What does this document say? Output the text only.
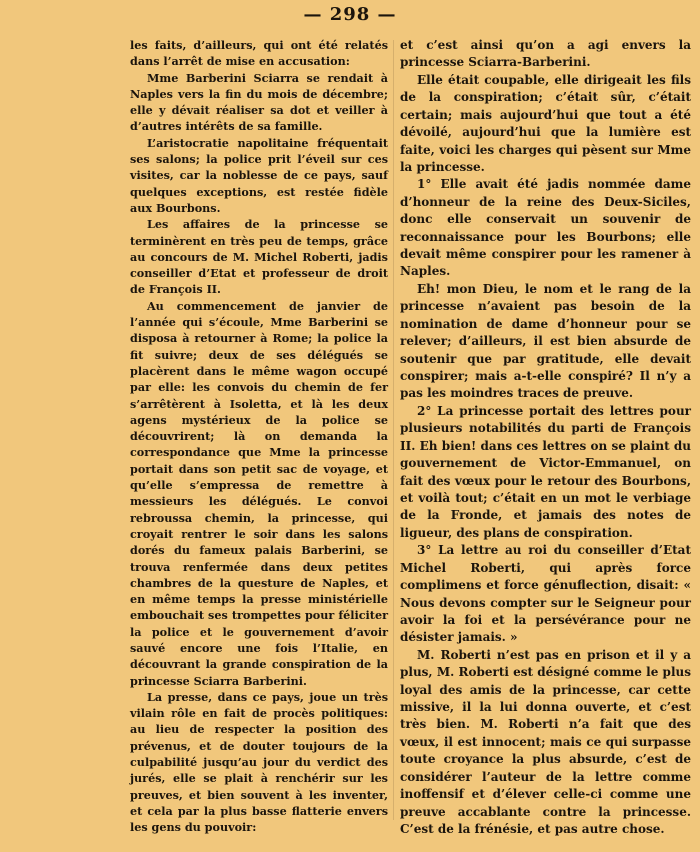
— 298 —

les faits, d’ailleurs, qui ont été relatés dans l’arrêt de mise en accusation:

Mme Barberini Sciarra se rendait à Naples vers la fin du mois de décembre; elle y dévait réaliser sa dot et veiller à d’autres intérêts de sa famille.

L’aristocratie napolitaine fréquentait ses salons; la police prit l’éveil sur ces visites, car la noblesse de ce pays, sauf quelques exceptions, est restée fidèle aux Bourbons.

Les affaires de la princesse se terminèrent en très peu de temps, grâce au concours de M. Michel Roberti, jadis conseiller d’Etat et professeur de droit de François II.

Au commencement de janvier de l’année qui s’écoule, Mme Barberini se disposa à retourner à Rome; la police la fit suivre; deux de ses délégués se placèrent dans le même wagon occupé par elle: les convois du chemin de fer s’arrêtèrent à Isoletta, et là les deux agens mystérieux de la police se découvrirent; là on demanda la correspondance que Mme la princesse portait dans son petit sac de voyage, et qu’elle s’empressa de remettre à messieurs les délégués. Le convoi rebroussa chemin, la princesse, qui croyait rentrer le soir dans les salons dorés du fameux palais Barberini, se trouva renfermée dans deux petites chambres de la questure de Naples, et en même temps la presse ministérielle embouchait ses trompettes pour féliciter la police et le gouvernement d’avoir sauvé encore une fois l’Italie, en découvrant la grande conspiration de la princesse Sciarra Barberini.

La presse, dans ce pays, joue un très vilain rôle en fait de procès politiques: au lieu de respecter la position des prévenus, et de douter toujours de la culpabilité jusqu’au jour du verdict des jurés, elle se plait à renchérir sur les preuves, et bien souvent à les inventer, et cela par la plus basse flatterie envers les gens du pouvoir:

et c’est ainsi qu’on a agi envers la princesse Sciarra-Barberini.

Elle était coupable, elle dirigeait les fils de la conspiration; c’était sûr, c’était certain; mais aujourd’hui que tout a été dévoilé, aujourd’hui que la lumière est faite, voici les charges qui pèsent sur Mme la princesse.

1° Elle avait été jadis nommée dame d’honneur de la reine des Deux-Siciles, donc elle conservait un souvenir de reconnaissance pour les Bourbons; elle devait même conspirer pour les ramener à Naples.

Eh! mon Dieu, le nom et le rang de la princesse n’avaient pas besoin de la nomination de dame d’honneur pour se relever; d’ailleurs, il est bien absurde de soutenir que par gratitude, elle devait conspirer; mais a-t-elle conspiré? Il n’y a pas les moindres traces de preuve.

2° La princesse portait des lettres pour plusieurs notabilités du parti de François II. Eh bien! dans ces lettres on se plaint du gouvernement de Victor-Emmanuel, on fait des vœux pour le retour des Bourbons, et voilà tout; c’était en un mot le verbiage de la Fronde, et jamais des notes de ligueur, des plans de conspiration.

3° La lettre au roi du conseiller d’Etat Michel Roberti, qui après force complimens et force génuflection, disait: « Nous devons compter sur le Seigneur pour avoir la foi et la persévérance pour ne désister jamais. »

M. Roberti n’est pas en prison et il y a plus, M. Roberti est désigné comme le plus loyal des amis de la princesse, car cette missive, il la lui donna ouverte, et c’est très bien. M. Roberti n’a fait que des vœux, il est innocent; mais ce qui surpasse toute croyance la plus absurde, c’est de considérer l’auteur de la lettre comme inoffensif et d’élever celle-ci comme une preuve accablante contre la princesse. C’est de la frénésie, et pas autre chose.
